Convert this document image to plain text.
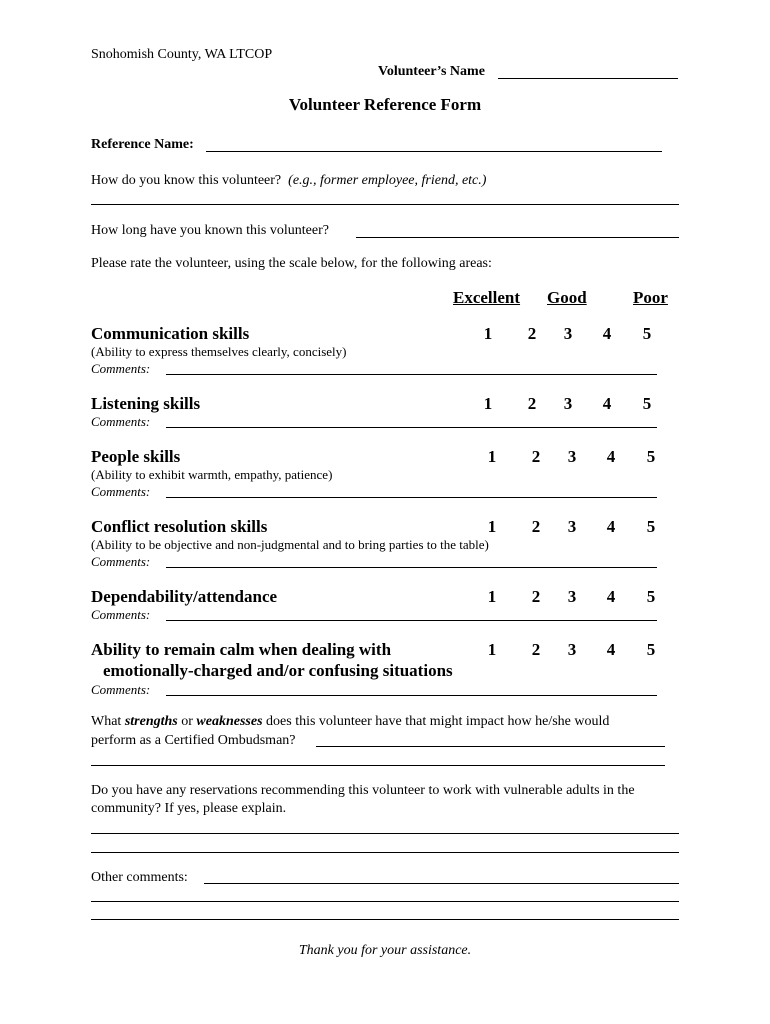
Snohomish County, WA LTCOP
Volunteer’s Name
Volunteer Reference Form
Reference Name:
How do you know this volunteer? (e.g., former employee, friend, etc.)
How long have you known this volunteer?
Please rate the volunteer, using the scale below, for the following areas:
Excellent Good	Poor
Communication skills	1 2 3 4 5
(Ability to express themselves clearly, concisely)
Comments:
Listening skills	1 2 3 4 5
Comments:
People skills	1 2 3 4 5
(Ability to exhibit warmth, empathy, patience)
Comments:
Conflict resolution skills	1 2 3 4 5
(Ability to be objective and non-judgmental and to bring parties to the table)
Comments:
Dependability/attendance	1 2 3 4 5
Comments:
Ability to remain calm when dealing with
emotionally-charged and/or confusing situations
1 2 3 4 5
Comments:
What strengths or weaknesses does this volunteer have that might impact how he/she would
perform as a Certified Ombudsman?
Do you have any reservations recommending this volunteer to work with vulnerable adults in the
community? If yes, please explain.
Other comments:
Thank you for your assistance.
